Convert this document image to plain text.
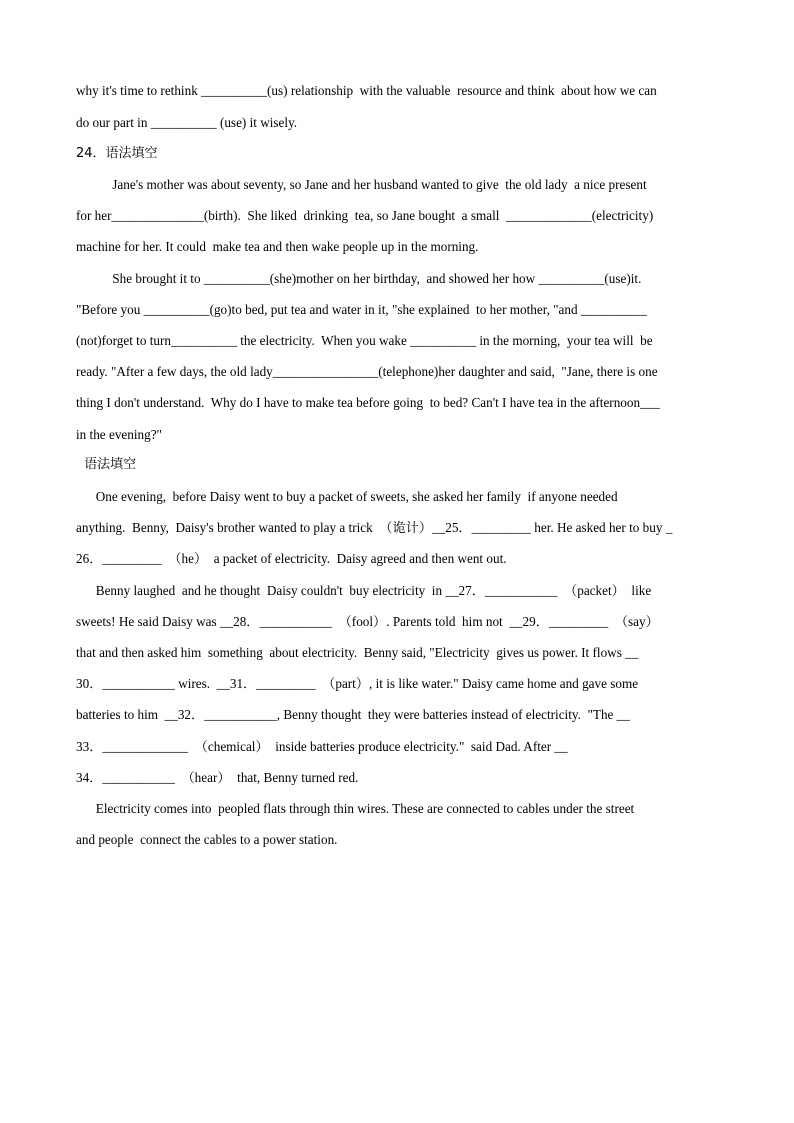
why it's time to rethink __________(us) relationship  with the valuable  resource and think  about how we can
do our part in __________ (use) it wisely.
24．语法填空
Jane's mother was about seventy, so Jane and her husband wanted to give  the old lady  a nice present
for her______________(birth).  She liked  drinking  tea, so Jane bought  a small  _____________(electricity)
machine for her. It could  make tea and then wake people up in the morning.
She brought it to __________(she)mother on her birthday,  and showed her how __________(use)it.
"Before you __________(go)to bed, put tea and water in it, "she explained  to her mother, "and __________
(not)forget to turn__________ the electricity.  When you wake __________ in the morning,  your tea will  be
ready. "After a few days, the old lady________________(telephone)her daughter and said,  "Jane, there is one
thing I don't understand.  Why do I have to make tea before going  to bed? Can't I have tea in the afternoon___
in the evening?"
语法填空
One evening,  before Daisy went to buy a packet of sweets, she asked her family  if anyone needed
anything.  Benny,  Daisy's brother wanted to play a trick  （诡计）__25．_________ her. He asked her to buy _
26．_________  （he）  a packet of electricity.  Daisy agreed and then went out.
Benny laughed  and he thought  Daisy couldn't  buy electricity  in __27．___________  （packet）  like
sweets! He said Daisy was __28．___________  （fool）. Parents told  him not  __29．_________  （say）
that and then asked him  something  about electricity.  Benny said, "Electricity  gives us power. It flows __
30．___________ wires.  __31．_________  （part）, it is like water." Daisy came home and gave some
batteries to him  __32．___________, Benny thought  they were batteries instead of electricity.  "The __
33．_____________  （chemical）  inside batteries produce electricity."  said Dad. After __
34．___________  （hear）  that, Benny turned red.
Electricity comes into  peopled flats through thin wires. These are connected to cables under the street
and people  connect the cables to a power station.
